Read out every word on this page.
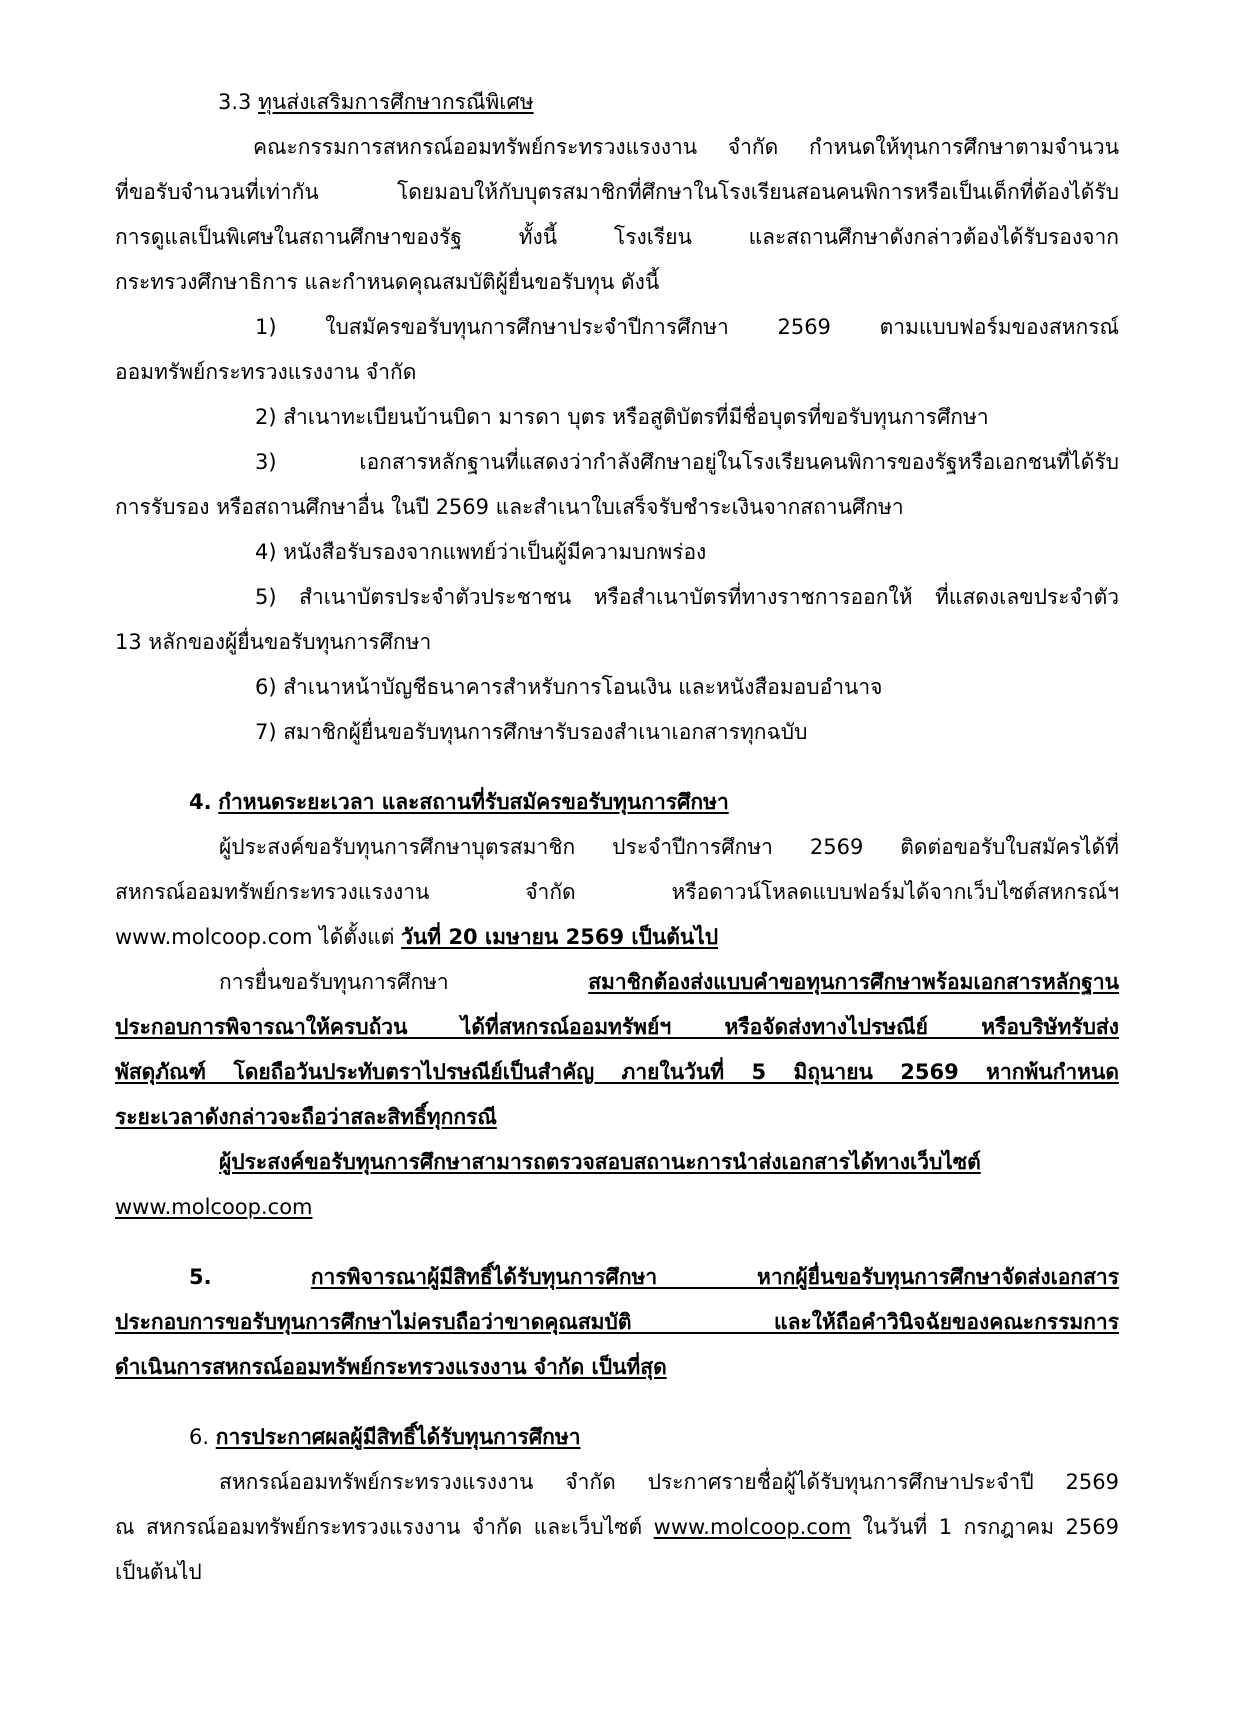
3.3 ทุนส่งเสริมการศึกษากรณีพิเศษ
คณะกรรมการสหกรณ์ออมทรัพย์กระทรวงแรงงาน จำกัด กำหนดให้ทุนการศึกษาตามจำนวน
ที่ขอรับจำนวนที่เท่ากัน โดยมอบให้กับบุตรสมาชิกที่ศึกษาในโรงเรียนสอนคนพิการหรือเป็นเด็กที่ต้องได้รับ
การดูแลเป็นพิเศษในสถานศึกษาของรัฐ ทั้งนี้ โรงเรียน และสถานศึกษาดังกล่าวต้องได้รับรองจาก
กระทรวงศึกษาธิการ และกำหนดคุณสมบัติผู้ยื่นขอรับทุน ดังนี้
1) ใบสมัครขอรับทุนการศึกษาประจำปีการศึกษา 2569 ตามแบบฟอร์มของสหกรณ์
ออมทรัพย์กระทรวงแรงงาน จำกัด
2) สำเนาทะเบียนบ้านบิดา มารดา บุตร หรือสูติบัตรที่มีชื่อบุตรที่ขอรับทุนการศึกษา
3) เอกสารหลักฐานที่แสดงว่ากำลังศึกษาอยู่ในโรงเรียนคนพิการของรัฐหรือเอกชนที่ได้รับ
การรับรอง หรือสถานศึกษาอื่น ในปี 2569 และสำเนาใบเสร็จรับชำระเงินจากสถานศึกษา
4) หนังสือรับรองจากแพทย์ว่าเป็นผู้มีความบกพร่อง
5) สำเนาบัตรประจำตัวประชาชน หรือสำเนาบัตรที่ทางราชการออกให้ ที่แสดงเลขประจำตัว
13 หลักของผู้ยื่นขอรับทุนการศึกษา
6) สำเนาหน้าบัญชีธนาคารสำหรับการโอนเงิน และหนังสือมอบอำนาจ
7) สมาชิกผู้ยื่นขอรับทุนการศึกษารับรองสำเนาเอกสารทุกฉบับ
4. กำหนดระยะเวลา และสถานที่รับสมัครขอรับทุนการศึกษา
ผู้ประสงค์ขอรับทุนการศึกษาบุตรสมาชิก ประจำปีการศึกษา 2569 ติดต่อขอรับใบสมัครได้ที่
สหกรณ์ออมทรัพย์กระทรวงแรงงาน จำกัด หรือดาวน์โหลดแบบฟอร์มได้จากเว็บไซต์สหกรณ์ฯ
www.molcoop.com ได้ตั้งแต่ วันที่ 20 เมษายน 2569 เป็นต้นไป
การยื่นขอรับทุนการศึกษา	สมาชิกต้องส่งแบบคำขอทุนการศึกษาพร้อมเอกสารหลักฐาน
ประกอบการพิจารณาให้ครบถ้วน ได้ที่สหกรณ์ออมทรัพย์ฯ หรือจัดส่งทางไปรษณีย์ หรือบริษัทรับส่ง
พัสดุภัณฑ์ โดยถือวันประทับตราไปรษณีย์เป็นสำคัญ ภายในวันที่ 5 มิถุนายน 2569 หากพ้นกำหนด
ระยะเวลาดังกล่าวจะถือว่าสละสิทธิ์ทุกกรณี
ผู้ประสงค์ขอรับทุนการศึกษาสามารถตรวจสอบสถานะการนำส่งเอกสารได้ทางเว็บไซต์
www.molcoop.com
5.	การพิจารณาผู้มีสิทธิ์ได้รับทุนการศึกษา หากผู้ยื่นขอรับทุนการศึกษาจัดส่งเอกสาร
ประกอบการขอรับทุนการศึกษาไม่ครบถือว่าขาดคุณสมบัติ และให้ถือคำวินิจฉัยของคณะกรรมการ
ดำเนินการสหกรณ์ออมทรัพย์กระทรวงแรงงาน จำกัด เป็นที่สุด
6. การประกาศผลผู้มีสิทธิ์ได้รับทุนการศึกษา
สหกรณ์ออมทรัพย์กระทรวงแรงงาน จำกัด ประกาศรายชื่อผู้ได้รับทุนการศึกษาประจำปี 2569
ณ สหกรณ์ออมทรัพย์กระทรวงแรงงาน จำกัด และเว็บไซต์ www.molcoop.com ในวันที่ 1 กรกฎาคม 2569
เป็นต้นไป
